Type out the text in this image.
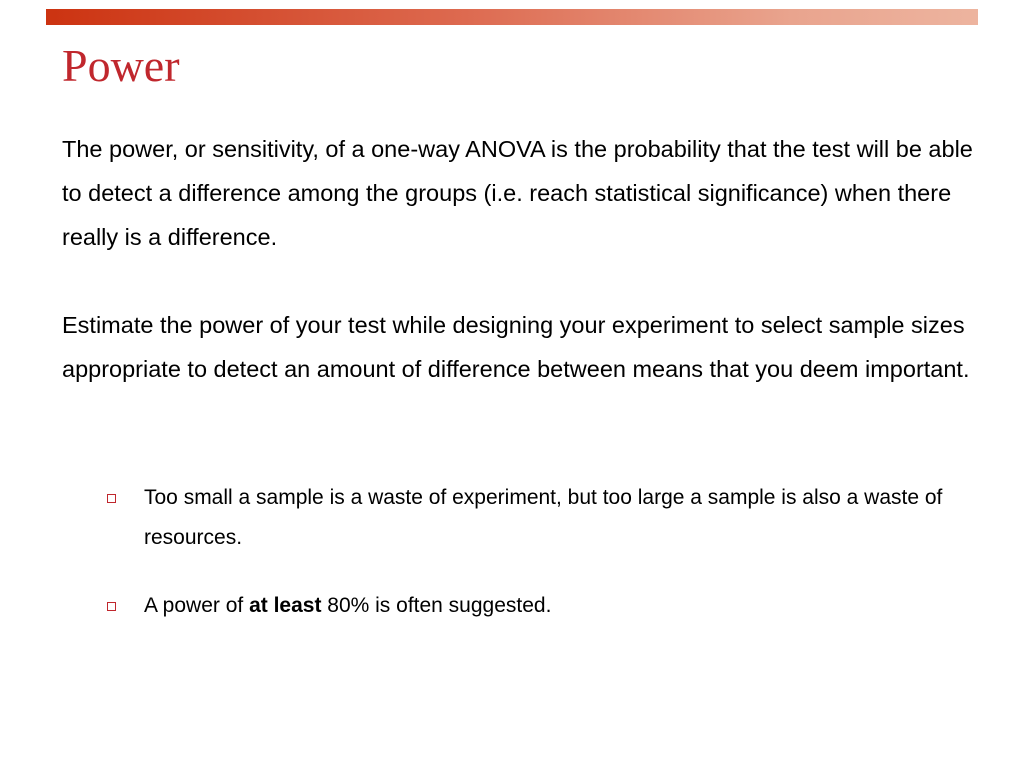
Power

The power, or sensitivity, of a one-way ANOVA is the probability that the test will be able to detect a difference among the groups (i.e. reach statistical significance) when there really is a difference.

Estimate the power of your test while designing your experiment to select sample sizes appropriate to detect an amount of difference between means that you deem important.

Too small a sample is a waste of experiment, but too large a sample is also a waste of resources.
A power of at least 80% is often suggested.
